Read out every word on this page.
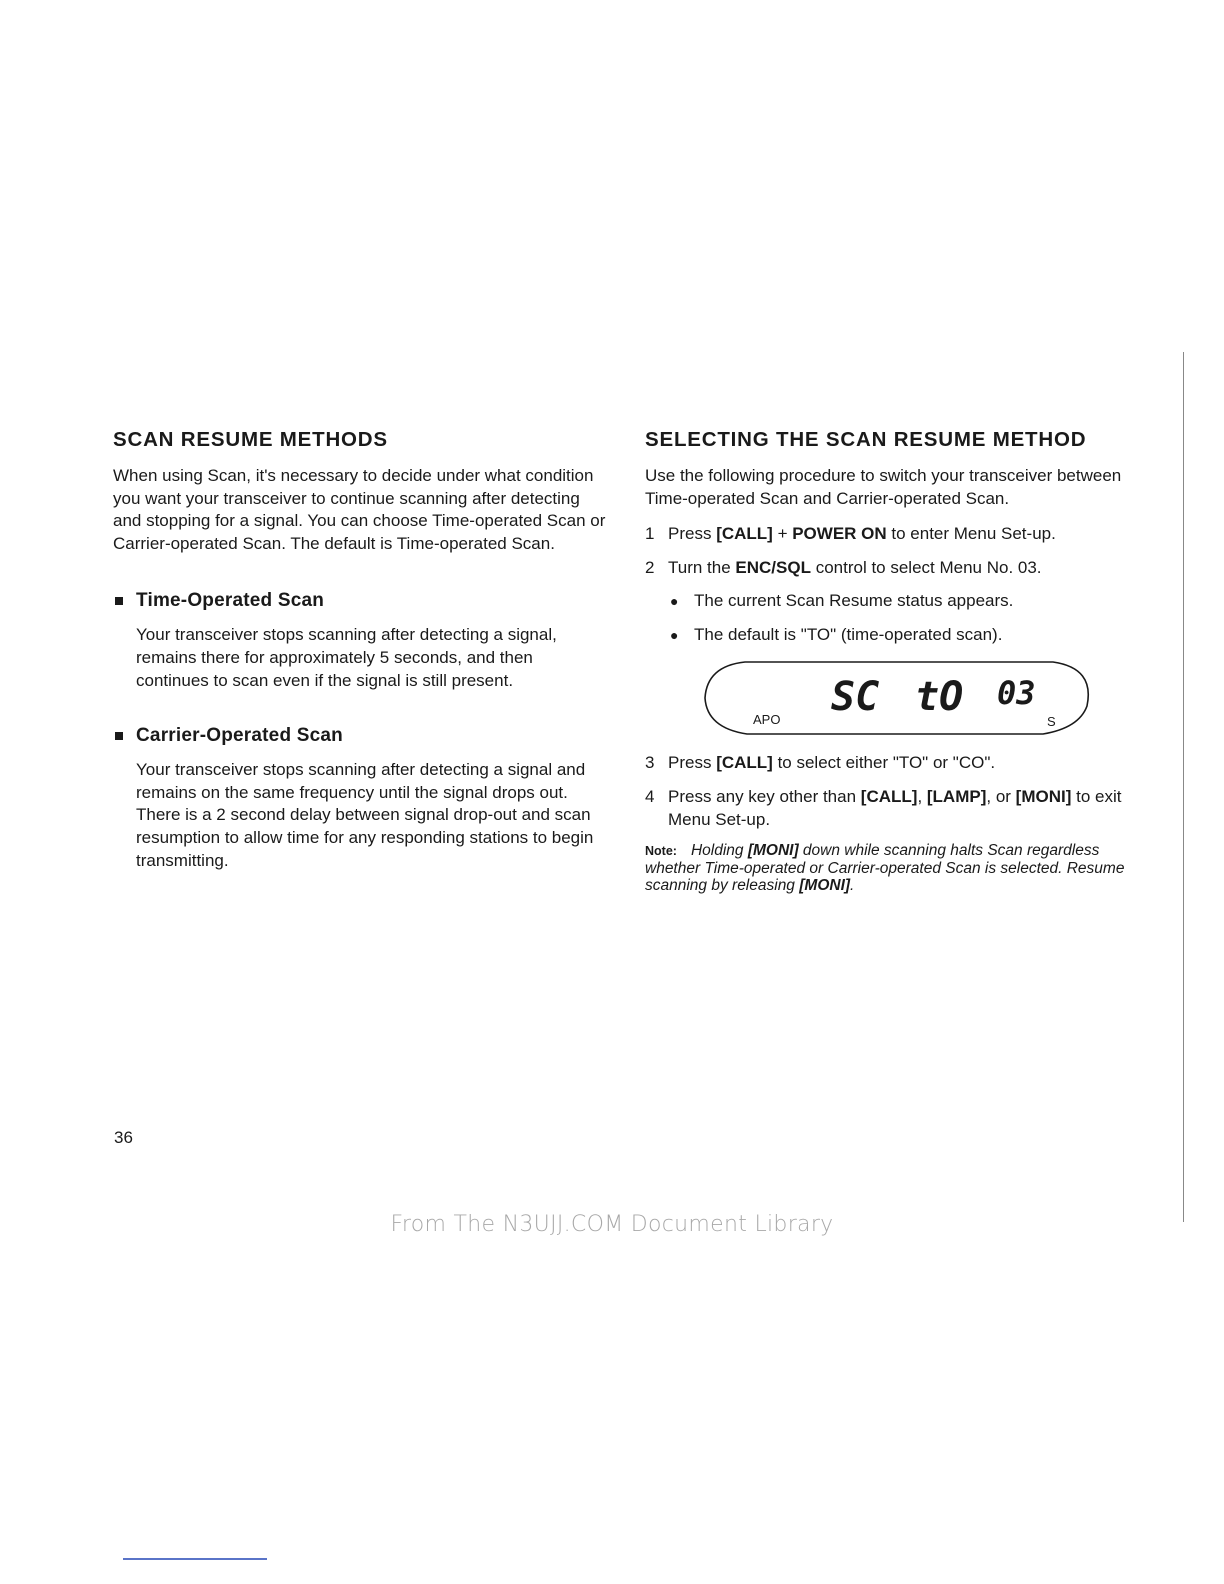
SCAN RESUME METHODS

When using Scan, it's necessary to decide under what condition you want your transceiver to continue scanning after detecting and stopping for a signal. You can choose Time-operated Scan or Carrier-operated Scan. The default is Time-operated Scan.

Time-Operated Scan

Your transceiver stops scanning after detecting a signal, remains there for approximately 5 seconds, and then continues to scan even if the signal is still present.

Carrier-Operated Scan

Your transceiver stops scanning after detecting a signal and remains on the same frequency until the signal drops out. There is a 2 second delay between signal drop-out and scan resumption to allow time for any responding stations to begin transmitting.

SELECTING THE SCAN RESUME METHOD

Use the following procedure to switch your transceiver between Time-operated Scan and Carrier-operated Scan.

1 Press [CALL] + POWER ON to enter Menu Set-up.
2 Turn the ENC/SQL control to select Menu No. 03.
● The current Scan Resume status appears.
● The default is "TO" (time-operated scan).
SC tO 03
APO	S
3 Press [CALL] to select either "TO" or "CO".
4 Press any key other than [CALL], [LAMP], or [MONI] to exit Menu Set-up.
Note: Holding [MONI] down while scanning halts Scan regardless whether Time-operated or Carrier-operated Scan is selected. Resume scanning by releasing [MONI].
36
From The N3UJJ.COM Document Library
